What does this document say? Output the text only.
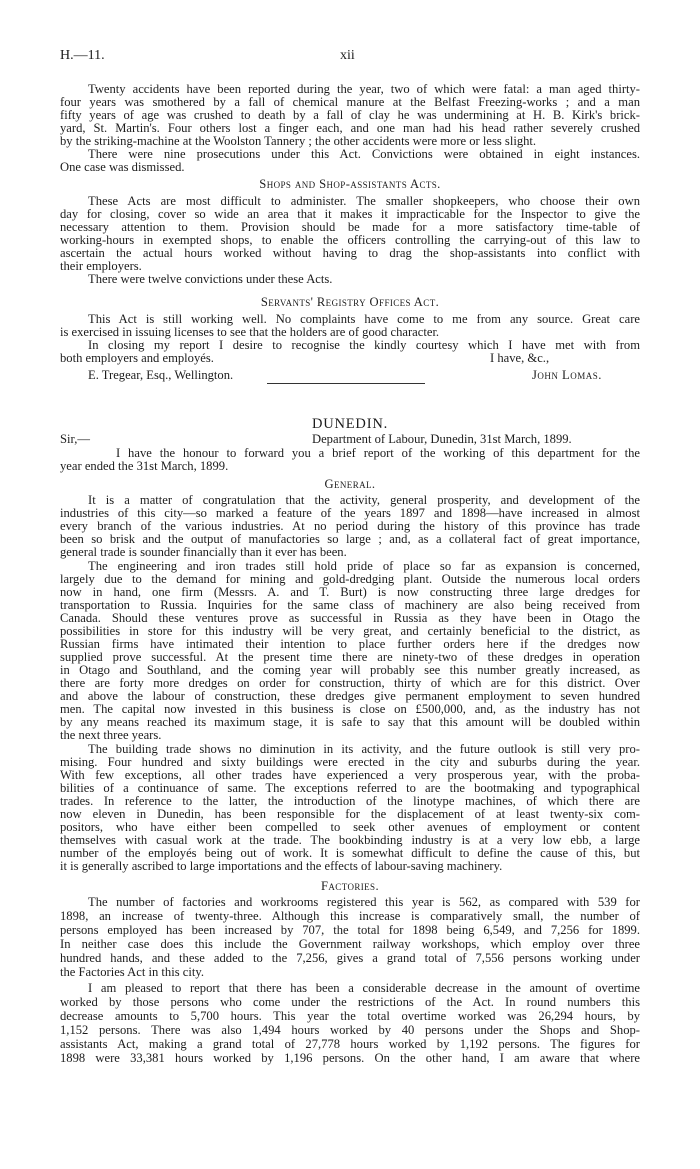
H.—11.	xii
Twenty accidents have been reported during the year, two of which were fatal: a man aged thirty-
four years was smothered by a fall of chemical manure at the Belfast Freezing-works ; and a man
fifty years of age was crushed to death by a fall of clay he was undermining at H. B. Kirk's brick-
yard, St. Martin's. Four others lost a finger each, and one man had his head rather severely crushed
by the striking-machine at the Woolston Tannery ; the other accidents were more or less slight.
There were nine prosecutions under this Act. Convictions were obtained in eight instances.
One case was dismissed.
Shops and Shop-assistants Acts.
These Acts are most difficult to administer. The smaller shopkeepers, who choose their own
day for closing, cover so wide an area that it makes it impracticable for the Inspector to give the
necessary attention to them. Provision should be made for a more satisfactory time-table of
working-hours in exempted shops, to enable the officers controlling the carrying-out of this law to
ascertain the actual hours worked without having to drag the shop-assistants into conflict with
their employers.
There were twelve convictions under these Acts.
Servants' Registry Offices Act.
This Act is still working well. No complaints have come to me from any source. Great care
is exercised in issuing licenses to see that the holders are of good character.
In closing my report I desire to recognise the kindly courtesy which I have met with from
both employers and employés.	I have, &c.,
E. Tregear, Esq., Wellington.	John Lomas.
DUNEDIN.
Sir,—	Department of Labour, Dunedin, 31st March, 1899.
I have the honour to forward you a brief report of the working of this department for the
year ended the 31st March, 1899.
General.
It is a matter of congratulation that the activity, general prosperity, and development of the
industries of this city—so marked a feature of the years 1897 and 1898—have increased in almost
every branch of the various industries. At no period during the history of this province has trade
been so brisk and the output of manufactories so large ; and, as a collateral fact of great importance,
general trade is sounder financially than it ever has been.
The engineering and iron trades still hold pride of place so far as expansion is concerned,
largely due to the demand for mining and gold-dredging plant. Outside the numerous local orders
now in hand, one firm (Messrs. A. and T. Burt) is now constructing three large dredges for
transportation to Russia. Inquiries for the same class of machinery are also being received from
Canada. Should these ventures prove as successful in Russia as they have been in Otago the
possibilities in store for this industry will be very great, and certainly beneficial to the district, as
Russian firms have intimated their intention to place further orders here if the dredges now
supplied prove successful. At the present time there are ninety-two of these dredges in operation
in Otago and Southland, and the coming year will probably see this number greatly increased, as
there are forty more dredges on order for construction, thirty of which are for this district. Over
and above the labour of construction, these dredges give permanent employment to seven hundred
men. The capital now invested in this business is close on £500,000, and, as the industry has not
by any means reached its maximum stage, it is safe to say that this amount will be doubled within
the next three years.
The building trade shows no diminution in its activity, and the future outlook is still very pro-
mising. Four hundred and sixty buildings were erected in the city and suburbs during the year.
With few exceptions, all other trades have experienced a very prosperous year, with the proba-
bilities of a continuance of same. The exceptions referred to are the bootmaking and typographical
trades. In reference to the latter, the introduction of the linotype machines, of which there are
now eleven in Dunedin, has been responsible for the displacement of at least twenty-six com-
positors, who have either been compelled to seek other avenues of employment or content
themselves with casual work at the trade. The bookbinding industry is at a very low ebb, a large
number of the employés being out of work. It is somewhat difficult to define the cause of this, but
it is generally ascribed to large importations and the effects of labour-saving machinery.
Factories.
The number of factories and workrooms registered this year is 562, as compared with 539 for
1898, an increase of twenty-three. Although this increase is comparatively small, the number of
persons employed has been increased by 707, the total for 1898 being 6,549, and 7,256 for 1899.
In neither case does this include the Government railway workshops, which employ over three
hundred hands, and these added to the 7,256, gives a grand total of 7,556 persons working under
the Factories Act in this city.
I am pleased to report that there has been a considerable decrease in the amount of overtime
worked by those persons who come under the restrictions of the Act. In round numbers this
decrease amounts to 5,700 hours. This year the total overtime worked was 26,294 hours, by
1,152 persons. There was also 1,494 hours worked by 40 persons under the Shops and Shop-
assistants Act, making a grand total of 27,778 hours worked by 1,192 persons. The figures for
1898 were 33,381 hours worked by 1,196 persons. On the other hand, I am aware that where
